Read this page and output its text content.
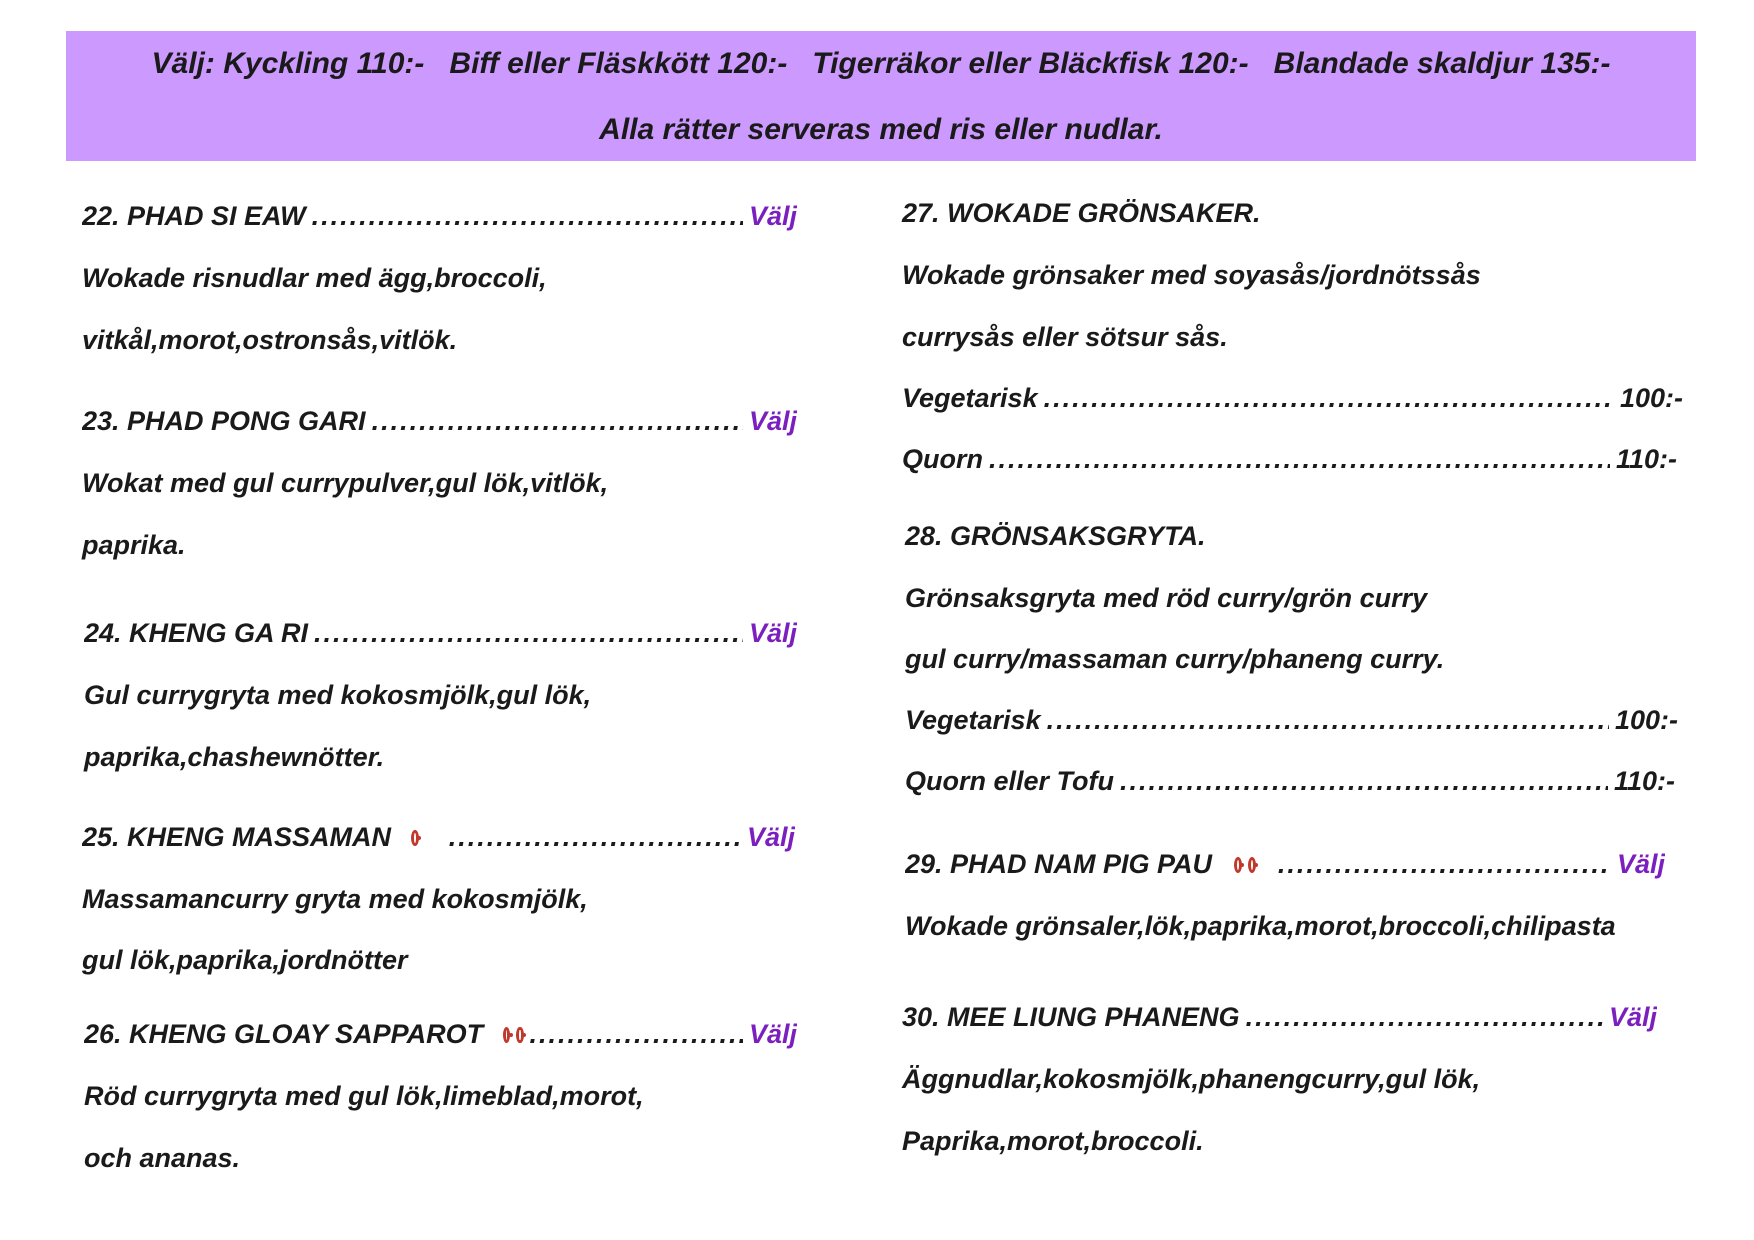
Välj: Kyckling 110:-   Biff eller Fläskkött 120:-   Tigerräkor eller Bläckfisk 120:-   Blandade skaldjur 135:-
Alla rätter serveras med ris eller nudlar.
22. PHAD SI EAW .....	Välj
Wokade risnudlar med ägg,broccoli,
vitkål,morot,ostronsås,vitlök.
23. PHAD PONG GARI .....	Välj
Wokat med gul currypulver,gul lök,vitlök,
paprika.
24. KHENG GA RI .....	Välj
Gul currygryta med kokosmjölk,gul lök,
paprika,chashewnötter.
25. KHENG MASSAMAN .....	Välj
Massamancurry gryta med kokosmjölk,
gul lök,paprika,jordnötter
26. KHENG GLOAY SAPPAROT .....	Välj
Röd currygryta med gul lök,limeblad,morot,
och ananas.
27. WOKADE GRÖNSAKER.
Wokade grönsaker med soyasås/jordnötssås
currysås eller sötsur sås.
Vegetarisk .....	100:-
Quorn .....	110:-
28. GRÖNSAKSGRYTA.
Grönsaksgryta med röd curry/grön curry
gul curry/massaman curry/phaneng curry.
Vegetarisk .....	100:-
Quorn eller Tofu .....	110:-
29. PHAD NAM PIG PAU .....	Välj
Wokade grönsaler,lök,paprika,morot,broccoli,chilipasta
30. MEE LIUNG PHANENG .....	Välj
Äggnudlar,kokosmjölk,phanengcurry,gul lök,
Paprika,morot,broccoli.
